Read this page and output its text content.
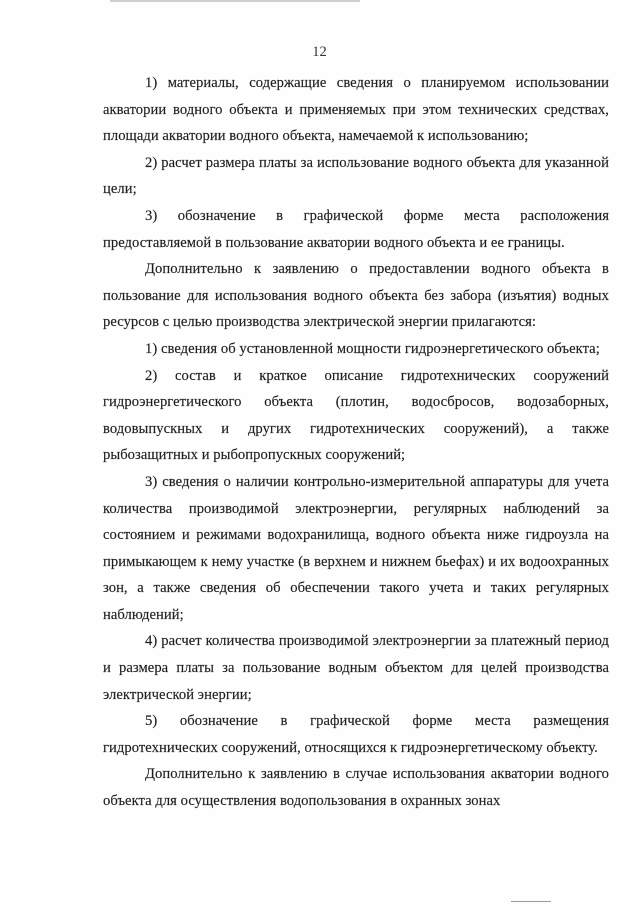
12

1) материалы, содержащие сведения о планируемом использовании акватории водного объекта и применяемых при этом технических средствах, площади акватории водного объекта, намечаемой к использованию;

2) расчет размера платы за использование водного объекта для указанной цели;

3) обозначение в графической форме места расположения предоставляемой в пользование акватории водного объекта и ее границы.

Дополнительно к заявлению о предоставлении водного объекта в пользование для использования водного объекта без забора (изъятия) водных ресурсов с целью производства электрической энергии прилагаются:

1) сведения об установленной мощности гидроэнергетического объекта;

2) состав и краткое описание гидротехнических сооружений гидроэнергетического объекта (плотин, водосбросов, водозаборных, водовыпускных и других гидротехнических сооружений), а также рыбозащитных и рыбопропускных сооружений;

3) сведения о наличии контрольно-измерительной аппаратуры для учета количества производимой электроэнергии, регулярных наблюдений за состоянием и режимами водохранилища, водного объекта ниже гидроузла на примыкающем к нему участке (в верхнем и нижнем бьефах) и их водоохранных зон, а также сведения об обеспечении такого учета и таких регулярных наблюдений;

4) расчет количества производимой электроэнергии за платежный период и размера платы за пользование водным объектом для целей производства электрической энергии;

5) обозначение в графической форме места размещения гидротехнических сооружений, относящихся к гидроэнергетическому объекту.

Дополнительно к заявлению в случае использования акватории водного объекта для осуществления водопользования в охранных зонах
